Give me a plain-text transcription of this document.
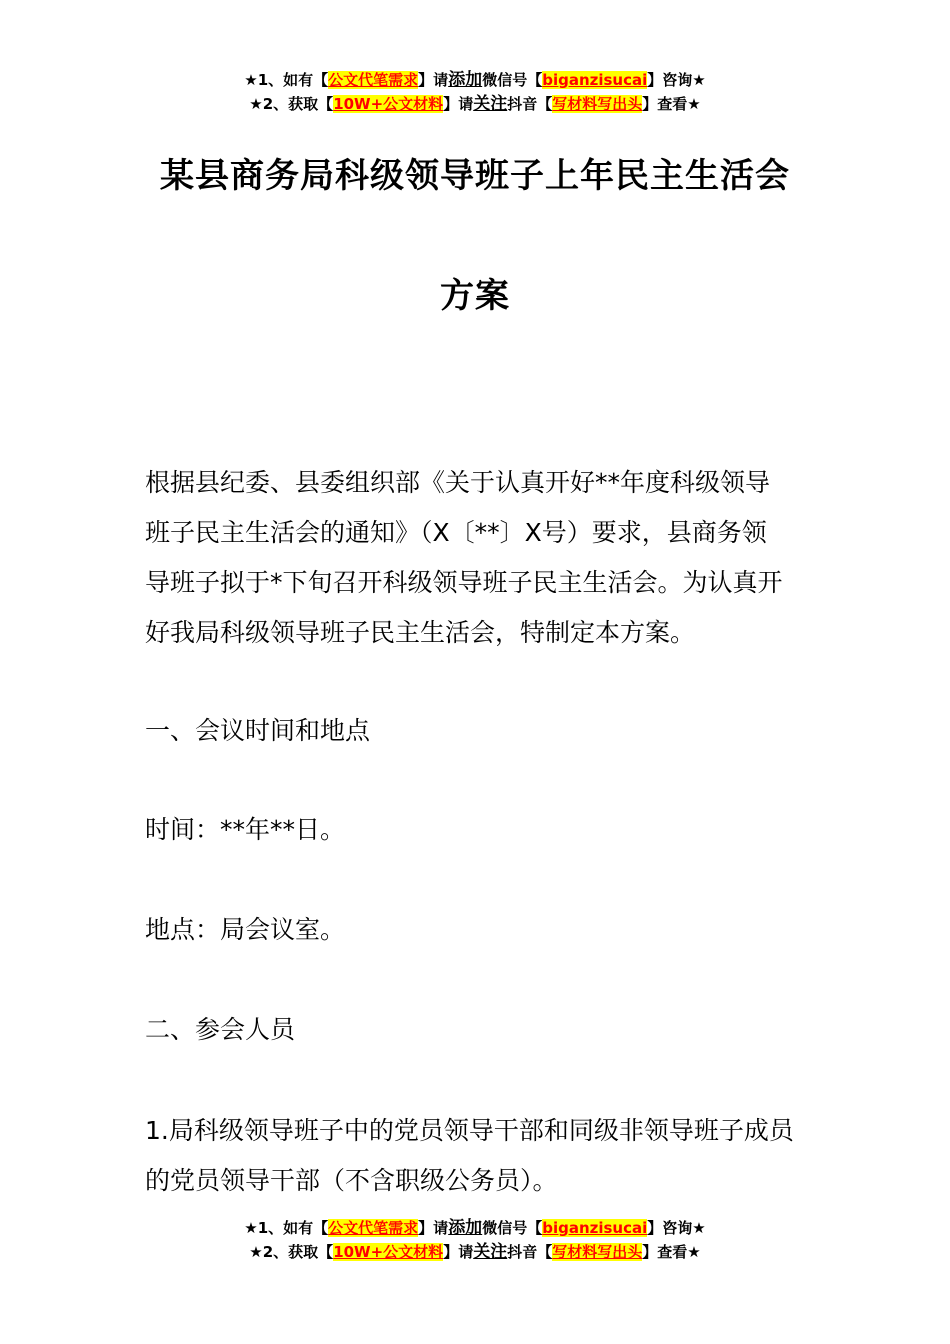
★1、如有【公文代笔需求】请添加微信号【biganzisucai】咨询★
★2、获取【10W+公文材料】请关注抖音【写材料写出头】查看★
某县商务局科级领导班子上年民主生活会
方案
根据县纪委、县委组织部《关于认真开好**年度科级领导
班子民主生活会的通知》（X〔**〕X号）要求，县商务领
导班子拟于*下旬召开科级领导班子民主生活会。为认真开
好我局科级领导班子民主生活会，特制定本方案。
一、会议时间和地点
时间：**年**日。
地点：局会议室。
二、参会人员
1.局科级领导班子中的党员领导干部和同级非领导班子成员
的党员领导干部（不含职级公务员）。
★1、如有【公文代笔需求】请添加微信号【biganzisucai】咨询★
★2、获取【10W+公文材料】请关注抖音【写材料写出头】查看★
